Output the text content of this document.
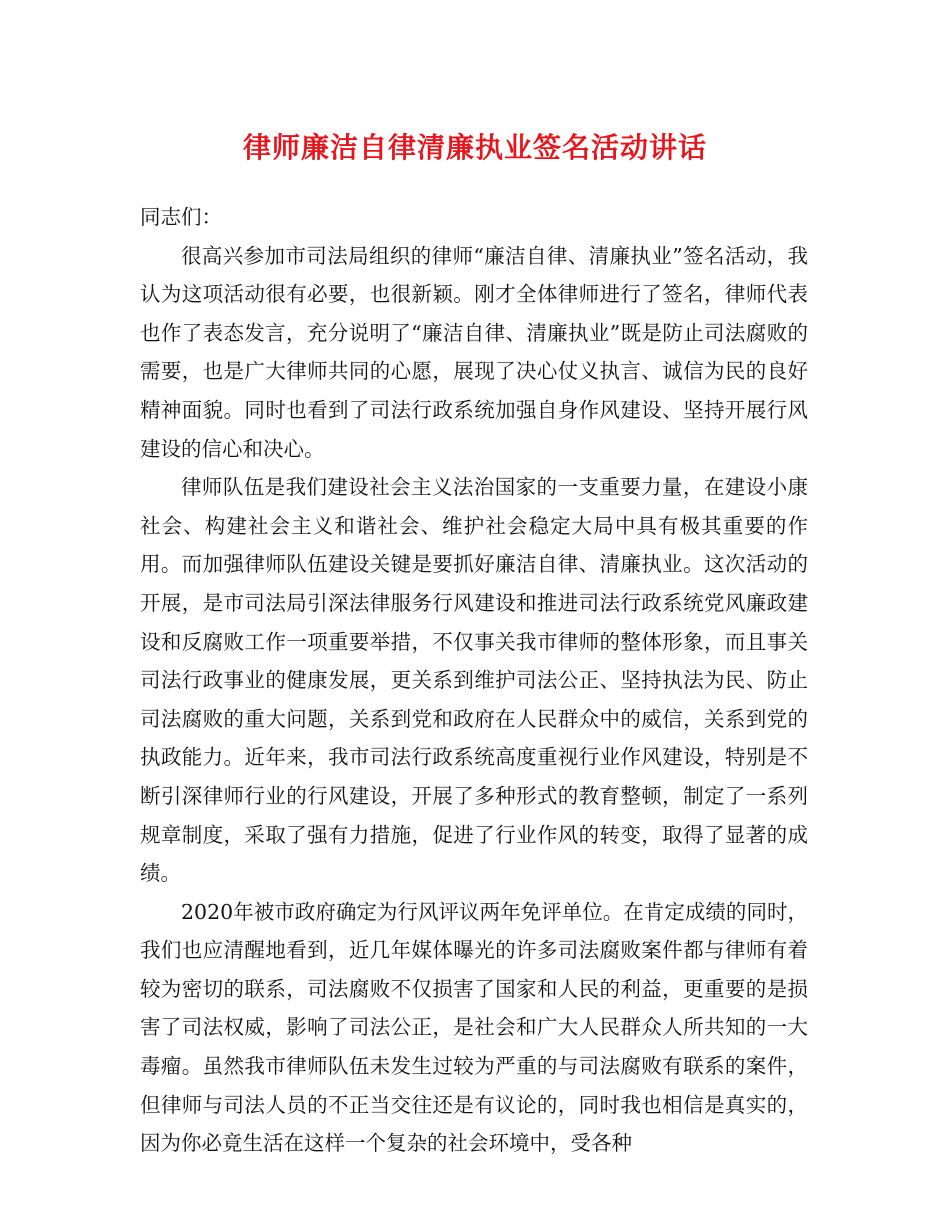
律师廉洁自律清廉执业签名活动讲话

同志们：

很高兴参加市司法局组织的律师“廉洁自律、清廉执业”签名活动，我认为这项活动很有必要，也很新颖。刚才全体律师进行了签名，律师代表也作了表态发言，充分说明了“廉洁自律、清廉执业”既是防止司法腐败的需要，也是广大律师共同的心愿，展现了决心仗义执言、诚信为民的良好精神面貌。同时也看到了司法行政系统加强自身作风建设、坚持开展行风建设的信心和决心。

律师队伍是我们建设社会主义法治国家的一支重要力量，在建设小康社会、构建社会主义和谐社会、维护社会稳定大局中具有极其重要的作用。而加强律师队伍建设关键是要抓好廉洁自律、清廉执业。这次活动的开展，是市司法局引深法律服务行风建设和推进司法行政系统党风廉政建设和反腐败工作一项重要举措，不仅事关我市律师的整体形象，而且事关司法行政事业的健康发展，更关系到维护司法公正、坚持执法为民、防止司法腐败的重大问题，关系到党和政府在人民群众中的威信，关系到党的执政能力。近年来，我市司法行政系统高度重视行业作风建设，特别是不断引深律师行业的行风建设，开展了多种形式的教育整顿，制定了一系列规章制度，采取了强有力措施，促进了行业作风的转变，取得了显著的成绩。

2020年被市政府确定为行风评议两年免评单位。在肯定成绩的同时，我们也应清醒地看到，近几年媒体曝光的许多司法腐败案件都与律师有着较为密切的联系，司法腐败不仅损害了国家和人民的利益，更重要的是损害了司法权威，影响了司法公正，是社会和广大人民群众人所共知的一大毒瘤。虽然我市律师队伍未发生过较为严重的与司法腐败有联系的案件，但律师与司法人员的不正当交往还是有议论的，同时我也相信是真实的，因为你必竟生活在这样一个复杂的社会环境中，受各种
